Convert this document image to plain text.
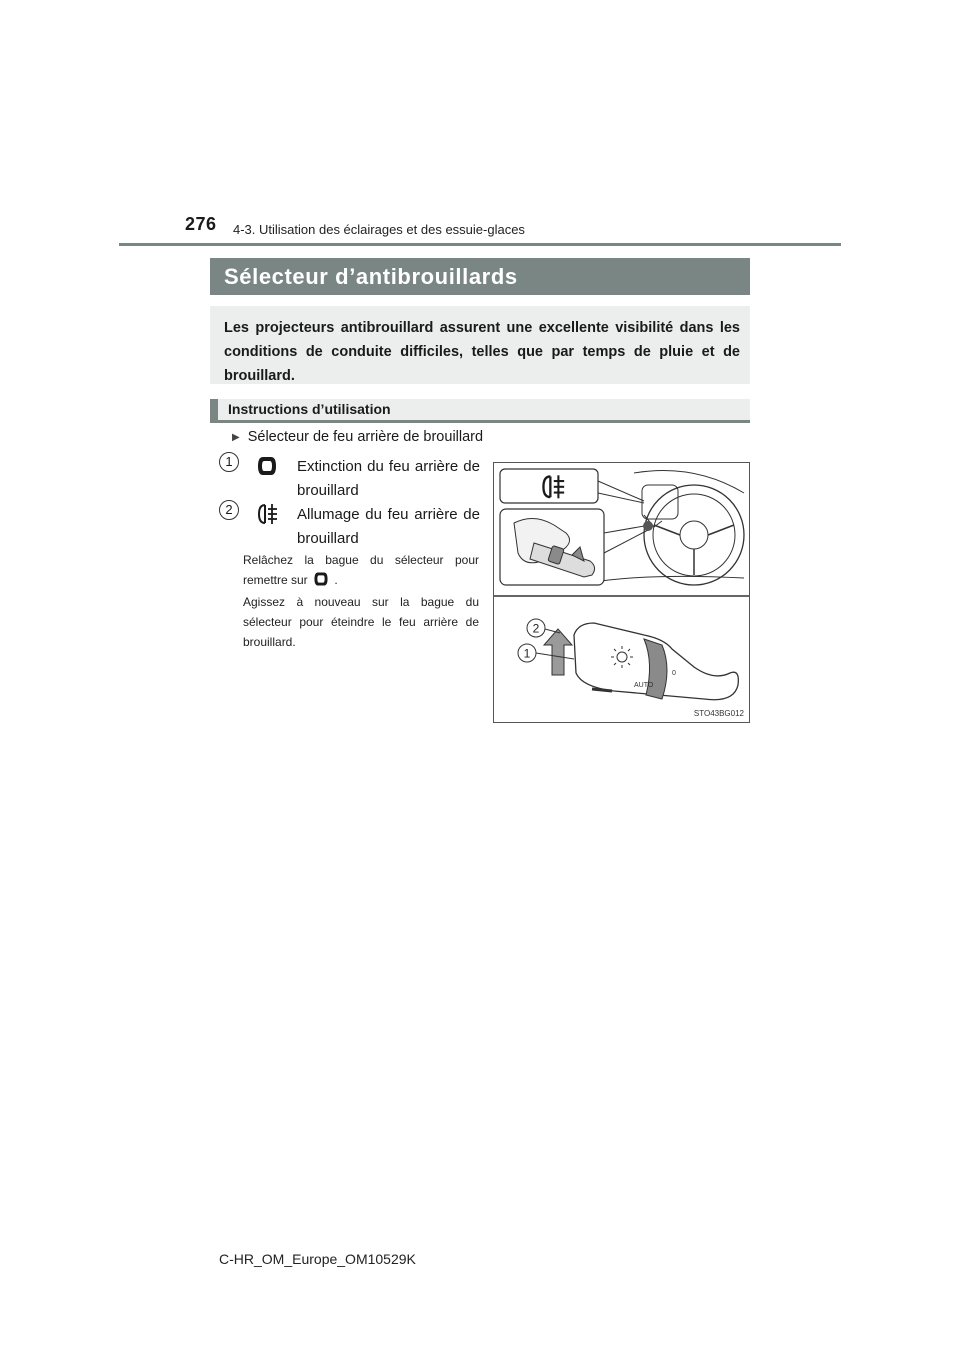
276 4-3. Utilisation des éclairages et des essuie-glaces
Sélecteur d’antibrouillards
Les projecteurs antibrouillard assurent une excellente visibilité dans les conditions de conduite difficiles, telles que par temps de pluie et de brouillard.
Instructions d’utilisation
▶ Sélecteur de feu arrière de brouillard
1	Extinction du feu arrière de brouillard
2	Allumage du feu arrière de brouillard
Relâchez la bague du sélecteur pour remettre sur .
Agissez à nouveau sur la bague du sélecteur pour éteindre le feu arrière de brouillard.
AUTO
0
2
1
STO43BG012
C-HR_OM_Europe_OM10529K
